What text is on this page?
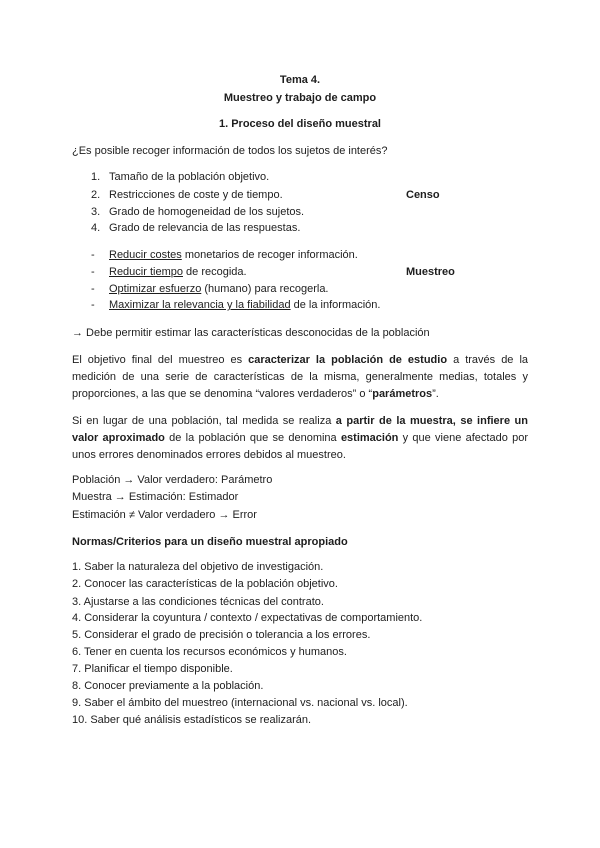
Tema 4.
Muestreo y trabajo de campo
1. Proceso del diseño muestral
¿Es posible recoger información de todos los sujetos de interés?
1. Tamaño de la población objetivo.
2. Restricciones de coste y de tiempo.
3. Grado de homogeneidad de los sujetos.
4. Grado de relevancia de las respuestas.
Censo
- Reducir costes monetarios de recoger información.
- Reducir tiempo de recogida.
- Optimizar esfuerzo (humano) para recogerla.
- Maximizar la relevancia y la fiabilidad de la información.
Muestreo
→ Debe permitir estimar las características desconocidas de la población
El objetivo final del muestreo es caracterizar la población de estudio a través de la medición de una serie de características de la misma, generalmente medias, totales y proporciones, a las que se denomina “valores verdaderos” o “parámetros”.
Si en lugar de una población, tal medida se realiza a partir de la muestra, se infiere un valor aproximado de la población que se denomina estimación y que viene afectado por unos errores denominados errores debidos al muestreo.
Población → Valor verdadero: Parámetro
Muestra → Estimación: Estimador
Estimación ≠ Valor verdadero → Error
Normas/Criterios para un diseño muestral apropiado
1. Saber la naturaleza del objetivo de investigación.
2. Conocer las características de la población objetivo.
3. Ajustarse a las condiciones técnicas del contrato.
4. Considerar la coyuntura / contexto / expectativas de comportamiento.
5. Considerar el grado de precisión o tolerancia a los errores.
6. Tener en cuenta los recursos económicos y humanos.
7. Planificar el tiempo disponible.
8. Conocer previamente a la población.
9. Saber el ámbito del muestreo (internacional vs. nacional vs. local).
10. Saber qué análisis estadísticos se realizarán.
